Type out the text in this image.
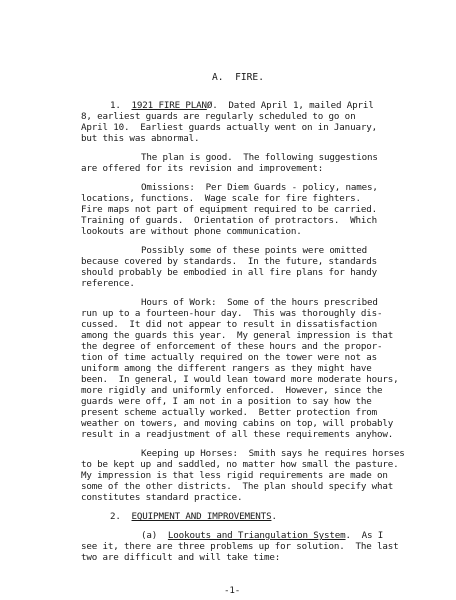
A.  FIRE.
1. 1921 FIRE PLANØ.  Dated April 1, mailed April
8, earliest guards are regularly scheduled to go on
April 10.  Earliest guards actually went on in January,
but this was abnormal.
The plan is good.  The following suggestions
are offered for its revision and improvement:
Omissions:  Per Diem Guards - policy, names,
locations, functions.  Wage scale for fire fighters.
Fire maps not part of equipment required to be carried.
Training of guards.  Orientation of protractors.  Which
lookouts are without phone communication.
Possibly some of these points were omitted
because covered by standards.  In the future, standards
should probably be embodied in all fire plans for handy
reference.
Hours of Work:  Some of the hours prescribed
run up to a fourteen-hour day.  This was thoroughly dis-
cussed.  It did not appear to result in dissatisfaction
among the guards this year.  My general impression is that
the degree of enforcement of these hours and the propor-
tion of time actually required on the tower were not as
uniform among the different rangers as they might have
been.  In general, I would lean toward more moderate hours,
more rigidly and uniformly enforced.  However, since the
guards were off, I am not in a position to say how the
present scheme actually worked.  Better protection from
weather on towers, and moving cabins on top, will probably
result in a readjustment of all these requirements anyhow.
Keeping up Horses:  Smith says he requires horses
to be kept up and saddled, no matter how small the pasture.
My impression is that less rigid requirements are made on
some of the other districts.  The plan should specify what
constitutes standard practice.
2. EQUIPMENT AND IMPROVEMENTS.
(a)  Lookouts and Triangulation System.  As I
see it, there are three problems up for solution.  The last
two are difficult and will take time:
-1-
